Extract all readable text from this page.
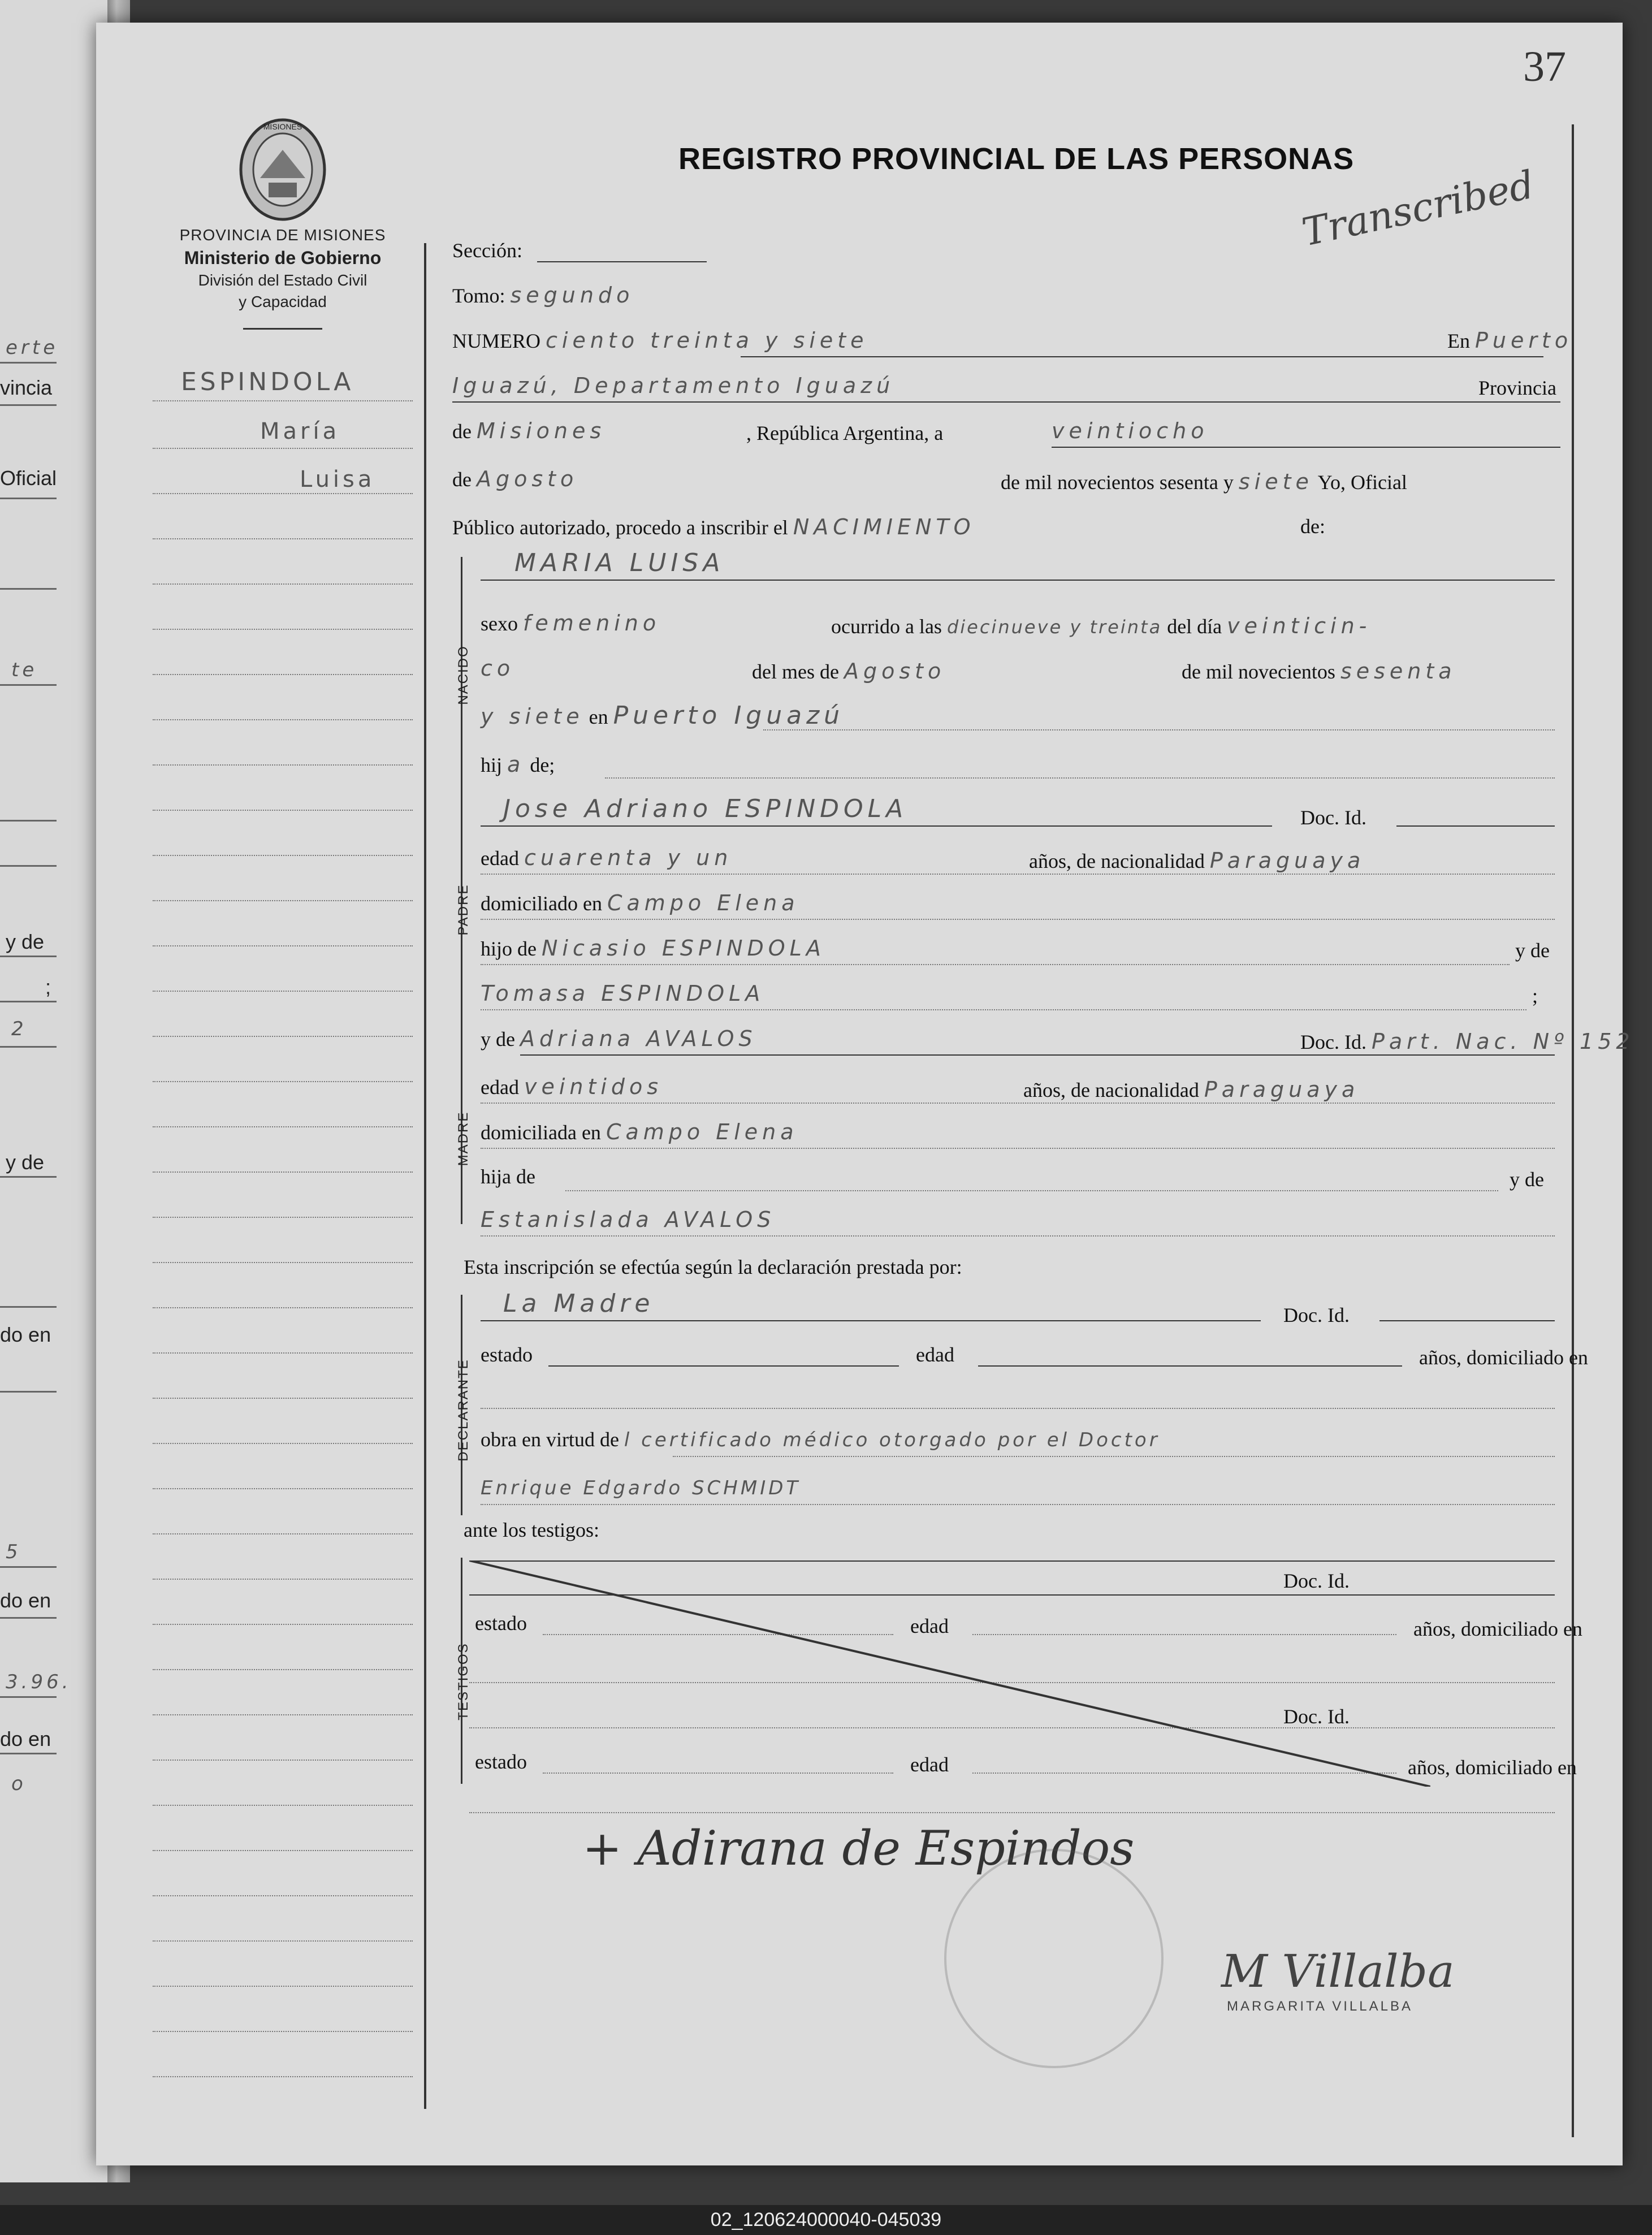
erte
vincia
Oficial
te
y de
;
2
y de
do en
5
do en
3.96.
do en
o
37
MISIONES
PROVINCIA DE MISIONES
Ministerio de Gobierno
División del Estado Civil
y Capacidad
REGISTRO PROVINCIAL DE LAS PERSONAS
Transcribed
ESPINDOLA
María
Luisa
Sección:
Tomo: segundo
NUMERO ciento treinta y siete	En Puerto
Iguazú, Departamento Iguazú	Provincia
de Misiones	, República Argentina, a	veintiocho
de Agosto	de mil novecientos sesenta y siete Yo, Oficial
Público autorizado, procedo a inscribir el NACIMIENTO	de:
NACIDO
MARIA LUISA
sexo femenino	ocurrido a las diecinueve y treinta del día veinticin-
co	del mes de Agosto	de mil novecientos sesenta
y siete en Puerto Iguazú
hij a de;
PADRE
Jose Adriano ESPINDOLA	Doc. Id.
edad cuarenta y un	años, de nacionalidad Paraguaya
domiciliado en Campo Elena
hijo de Nicasio ESPINDOLA	y de
Tomasa ESPINDOLA	;
MADRE
y de Adriana AVALOS	Doc. Id. Part. Nac. Nº 152
edad veintidos	años, de nacionalidad Paraguaya
domiciliada en Campo Elena
hija de	y de
Estanislada AVALOS
Esta inscripción se efectúa según la declaración prestada por:
DECLARANTE
La Madre	Doc. Id.
estado	edad	años, domiciliado en
obra en virtud de l certificado médico otorgado por el Doctor
Enrique Edgardo SCHMIDT
ante los testigos:
TESTIGOS
Doc. Id.
estado	edad	años, domiciliado en
Doc. Id.
estado	edad	años, domiciliado en
+ Adirana de Espindos
M Villalba
MARGARITA VILLALBA
02_120624000040-045039
